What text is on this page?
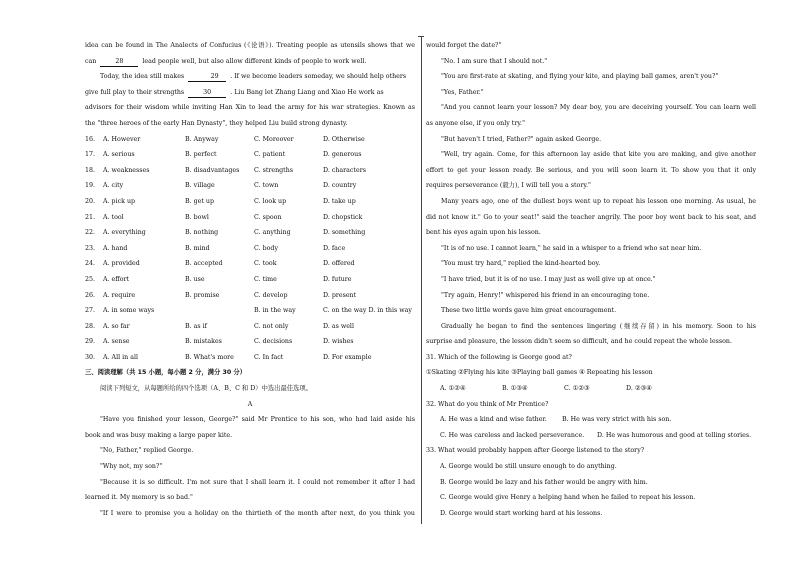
idea can be found in The Analects of Confucius (《论语》). Treating people as utensils shows that we
can	28	lead people well, but also allow different kinds of people to work well.
Today, the idea still makes	29 . If we become leaders someday, we should help others
give full play to their strengths	30	. Liu Bang let Zhang Liang and Xiao He work as
advisors for their wisdom while inviting Han Xin to lead the army for his war strategies. Known as
the "three heroes of the early Han Dynasty", they helped Liu build strong dynasty.
16.	A. However	B. Anyway	C. Moreover	D. Otherwise
17.	A. serious	B. perfect	C. patient	D. generous
18.	A. weaknesses	B. disadvantages	C. strengths	D. characters
19.	A. city	B. village	C. town	D. country
20.	A. pick up	B. get up	C. look up	D. take up
21.	A. tool	B. bowl	C. spoon	D. chopstick
22.	A. everything	B. nothing	C. anything	D. something
23.	A. hand	B. mind	C. body	D. face
24.	A. provided	B. accepted	C. took	D. offered
25.	A. effort	B. use	C. time	D. future
26.	A. require	B. promise	C. develop	D. present
27.	A. in some ways	B. in the way	C. on the way D. in this way
28.	A. so far	B. as if	C. not only	D. as well
29.	A. sense	B. mistakes	C. decisions	D. wishes
30.	A. All in all	B. What's more	C. In fact	D. For example
三、阅读理解（共 15 小题，每小题 2 分，满分 30 分）
阅读下列短文，从每题所给的四个选项（A、B、C 和 D）中选出最佳选项。
A
"Have you finished your lesson, George?" said Mr Prentice to his son, who had laid aside his
book and was busy making a large paper kite.
"No, Father," replied George.
"Why not, my son?"
"Because it is so difficult. I'm not sure that I shall learn it. I could not remember it after I had
learned it. My memory is so bad."
"If I were to promise you a holiday on the thirtieth of the month after next, do you think you
would forget the date?"
"No. I am sure that I should not."
"You are first-rate at skating, and flying your kite, and playing ball games, aren't you?"
"Yes, Father."
"And you cannot learn your lesson? My dear boy, you are deceiving yourself. You can learn well
as anyone else, if you only try."
"But haven't I tried, Father?" again asked George.
"Well, try again. Come, for this afternoon lay aside that kite you are making, and give another
effort to get your lesson ready. Be serious, and you will soon learn it. To show you that it only
requires perseverance (毅力), I will tell you a story."
Many years ago, one of the dullest boys went up to repeat his lesson one morning. As usual, he
did not know it." Go to your seat!" said the teacher angrily. The poor boy went back to his seat, and
bent his eyes again upon his lesson.
"It is of no use. I cannot learn," he said in a whisper to a friend who sat near him.
"You must try hard," replied the kind-hearted boy.
"I have tried, but it is of no use. I may just as well give up at once."
"Try again, Henry!" whispered his friend in an encouraging tone.
These two little words gave him great encouragement.
Gradually he began to find the sentences lingering (继续存留) in his memory. Soon to his
surprise and pleasure, the lesson didn't seem so difficult, and he could repeat the whole lesson.
31. Which of the following is George good at?
①Skating ②Flying his kite ③Playing ball games ④ Repeating his lesson
A. ①②④	B. ①③④	C. ①②③	D. ②③④
32. What do you think of Mr Prentice?
A. He was a kind and wise father. B. He was very strict with his son.
C. He was careless and lacked perseverance. D. He was humorous and good at telling stories.
33. What would probably happen after George listened to the story?
A. George would be still unsure enough to do anything.
B. George would be lazy and his father would be angry with him.
C. George would give Henry a helping hand when he failed to repeat his lesson.
D. George would start working hard at his lessons.
